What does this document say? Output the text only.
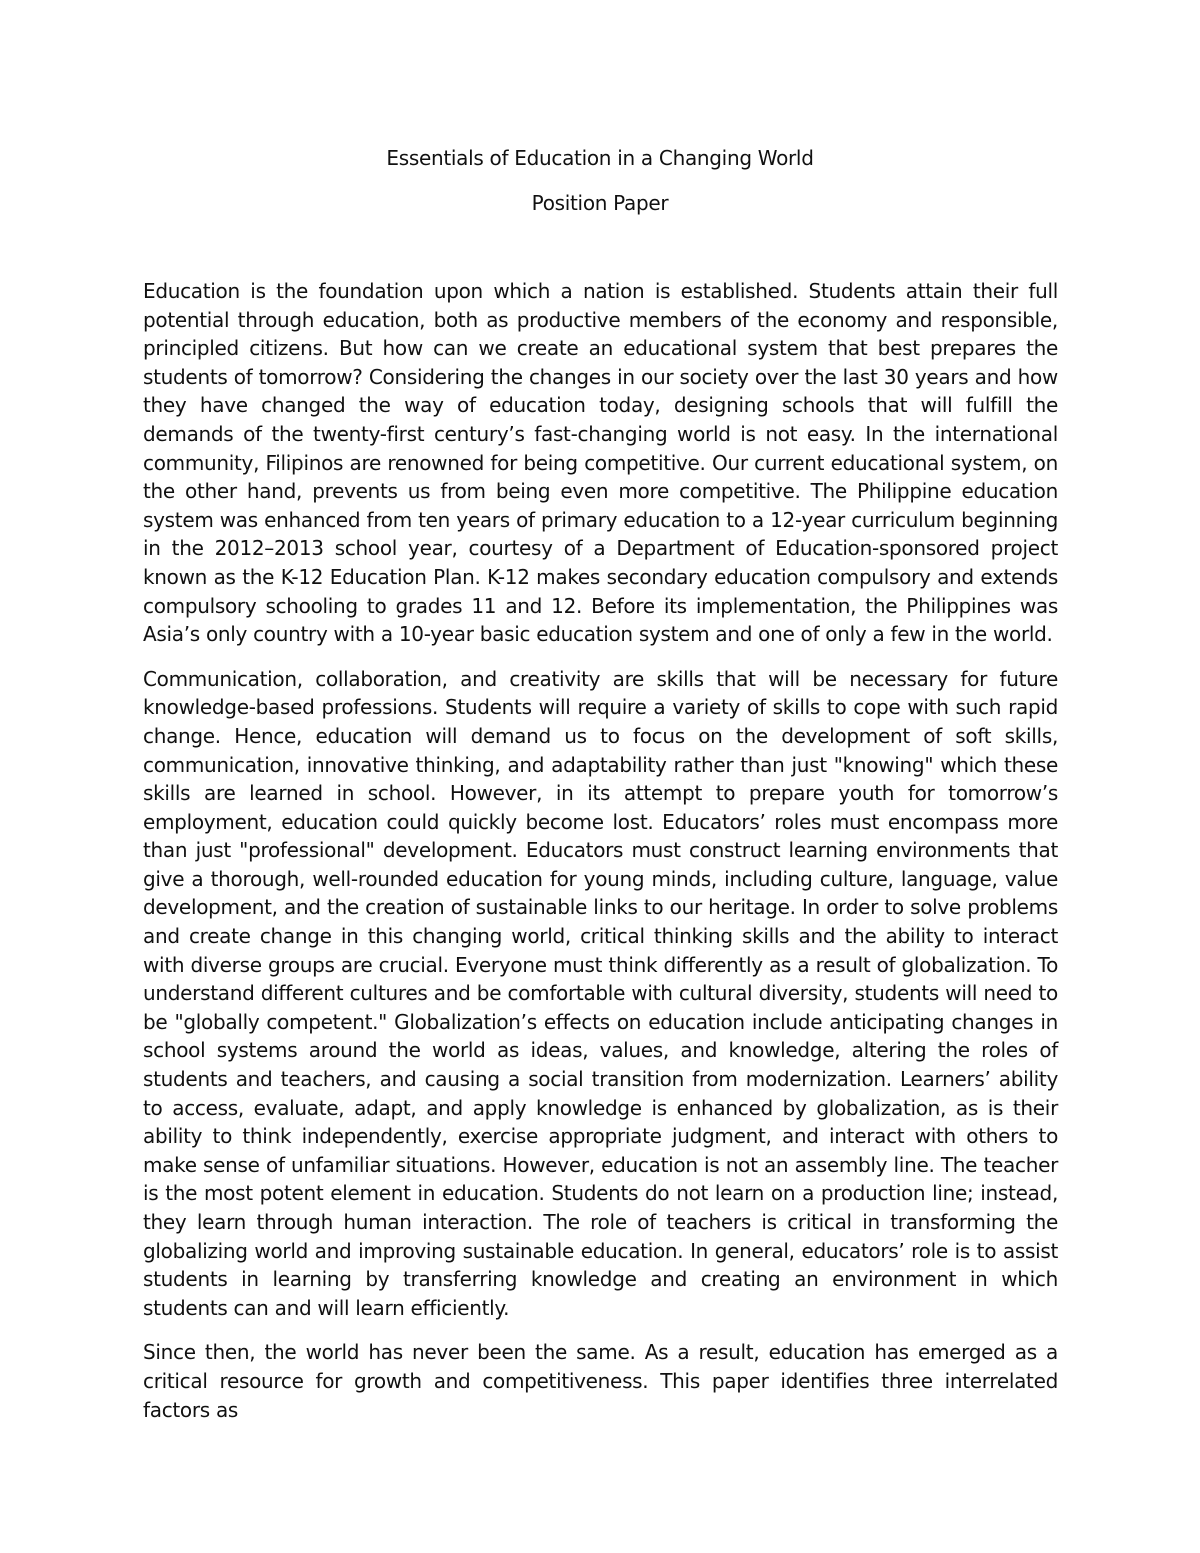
Essentials of Education in a Changing World

Position Paper

Education is the foundation upon which a nation is established. Students attain their full potential through education, both as productive members of the economy and responsible, principled citizens. But how can we create an educational system that best prepares the students of tomorrow? Considering the changes in our society over the last 30 years and how they have changed the way of education today, designing schools that will fulfill the demands of the twenty-first century’s fast-changing world is not easy. In the international community, Filipinos are renowned for being competitive. Our current educational system, on the other hand, prevents us from being even more competitive. The Philippine education system was enhanced from ten years of primary education to a 12-year curriculum beginning in the 2012–2013 school year, courtesy of a Department of Education-sponsored project known as the K-12 Education Plan. K-12 makes secondary education compulsory and extends compulsory schooling to grades 11 and 12. Before its implementation, the Philippines was Asia’s only country with a 10-year basic education system and one of only a few in the world.

Communication, collaboration, and creativity are skills that will be necessary for future knowledge-based professions. Students will require a variety of skills to cope with such rapid change. Hence, education will demand us to focus on the development of soft skills, communication, innovative thinking, and adaptability rather than just "knowing" which these skills are learned in school. However, in its attempt to prepare youth for tomorrow’s employment, education could quickly become lost. Educators’ roles must encompass more than just "professional" development. Educators must construct learning environments that give a thorough, well-rounded education for young minds, including culture, language, value development, and the creation of sustainable links to our heritage. In order to solve problems and create change in this changing world, critical thinking skills and the ability to interact with diverse groups are crucial. Everyone must think differently as a result of globalization. To understand different cultures and be comfortable with cultural diversity, students will need to be "globally competent." Globalization’s effects on education include anticipating changes in school systems around the world as ideas, values, and knowledge, altering the roles of students and teachers, and causing a social transition from modernization. Learners’ ability to access, evaluate, adapt, and apply knowledge is enhanced by globalization, as is their ability to think independently, exercise appropriate judgment, and interact with others to make sense of unfamiliar situations. However, education is not an assembly line. The teacher is the most potent element in education. Students do not learn on a production line; instead, they learn through human interaction. The role of teachers is critical in transforming the globalizing world and improving sustainable education. In general, educators’ role is to assist students in learning by transferring knowledge and creating an environment in which students can and will learn efficiently.

Since then, the world has never been the same. As a result, education has emerged as a critical resource for growth and competitiveness. This paper identifies three interrelated factors as
